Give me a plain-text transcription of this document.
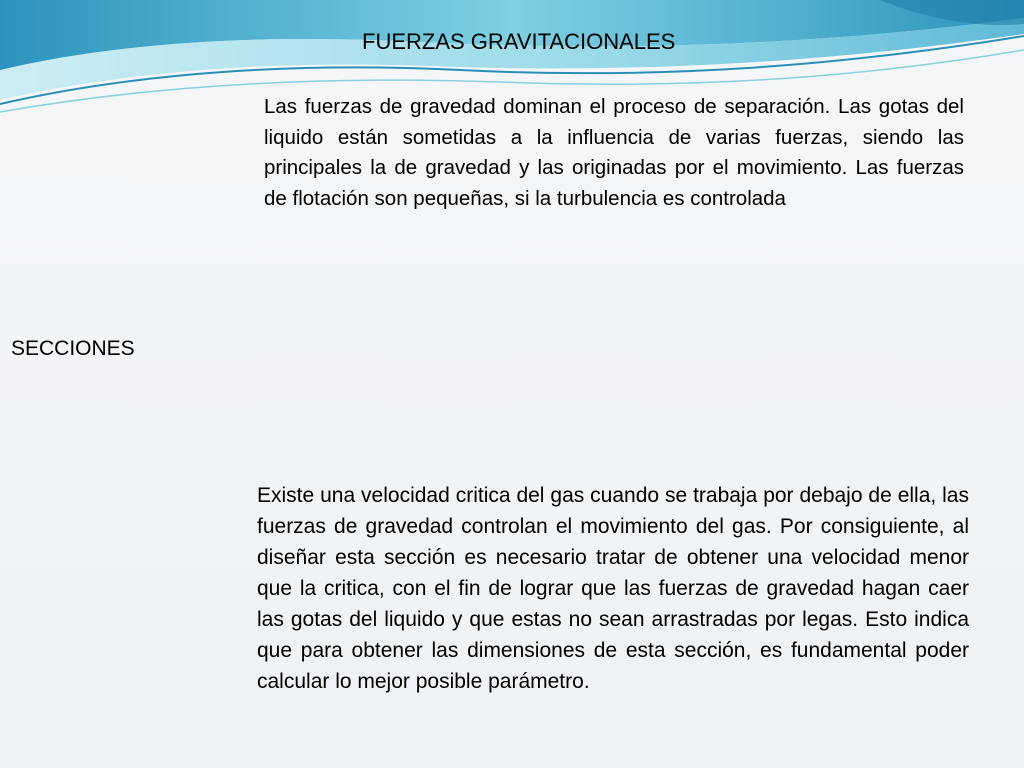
FUERZAS GRAVITACIONALES
Las fuerzas de gravedad dominan el proceso de separación. Las gotas del liquido están sometidas a la influencia de varias fuerzas, siendo las principales la de gravedad y las originadas por el movimiento. Las fuerzas de flotación son pequeñas, si la turbulencia es controlada
SECCIONES
Existe una velocidad critica del gas cuando se trabaja por debajo de ella, las fuerzas de gravedad controlan el movimiento del gas. Por consiguiente, al diseñar esta sección es necesario tratar de obtener una velocidad menor que la critica, con el fin de lograr que las fuerzas de gravedad hagan caer las gotas del liquido y que estas no sean arrastradas por legas. Esto indica que para obtener las dimensiones de esta sección, es fundamental poder calcular lo mejor posible parámetro.
